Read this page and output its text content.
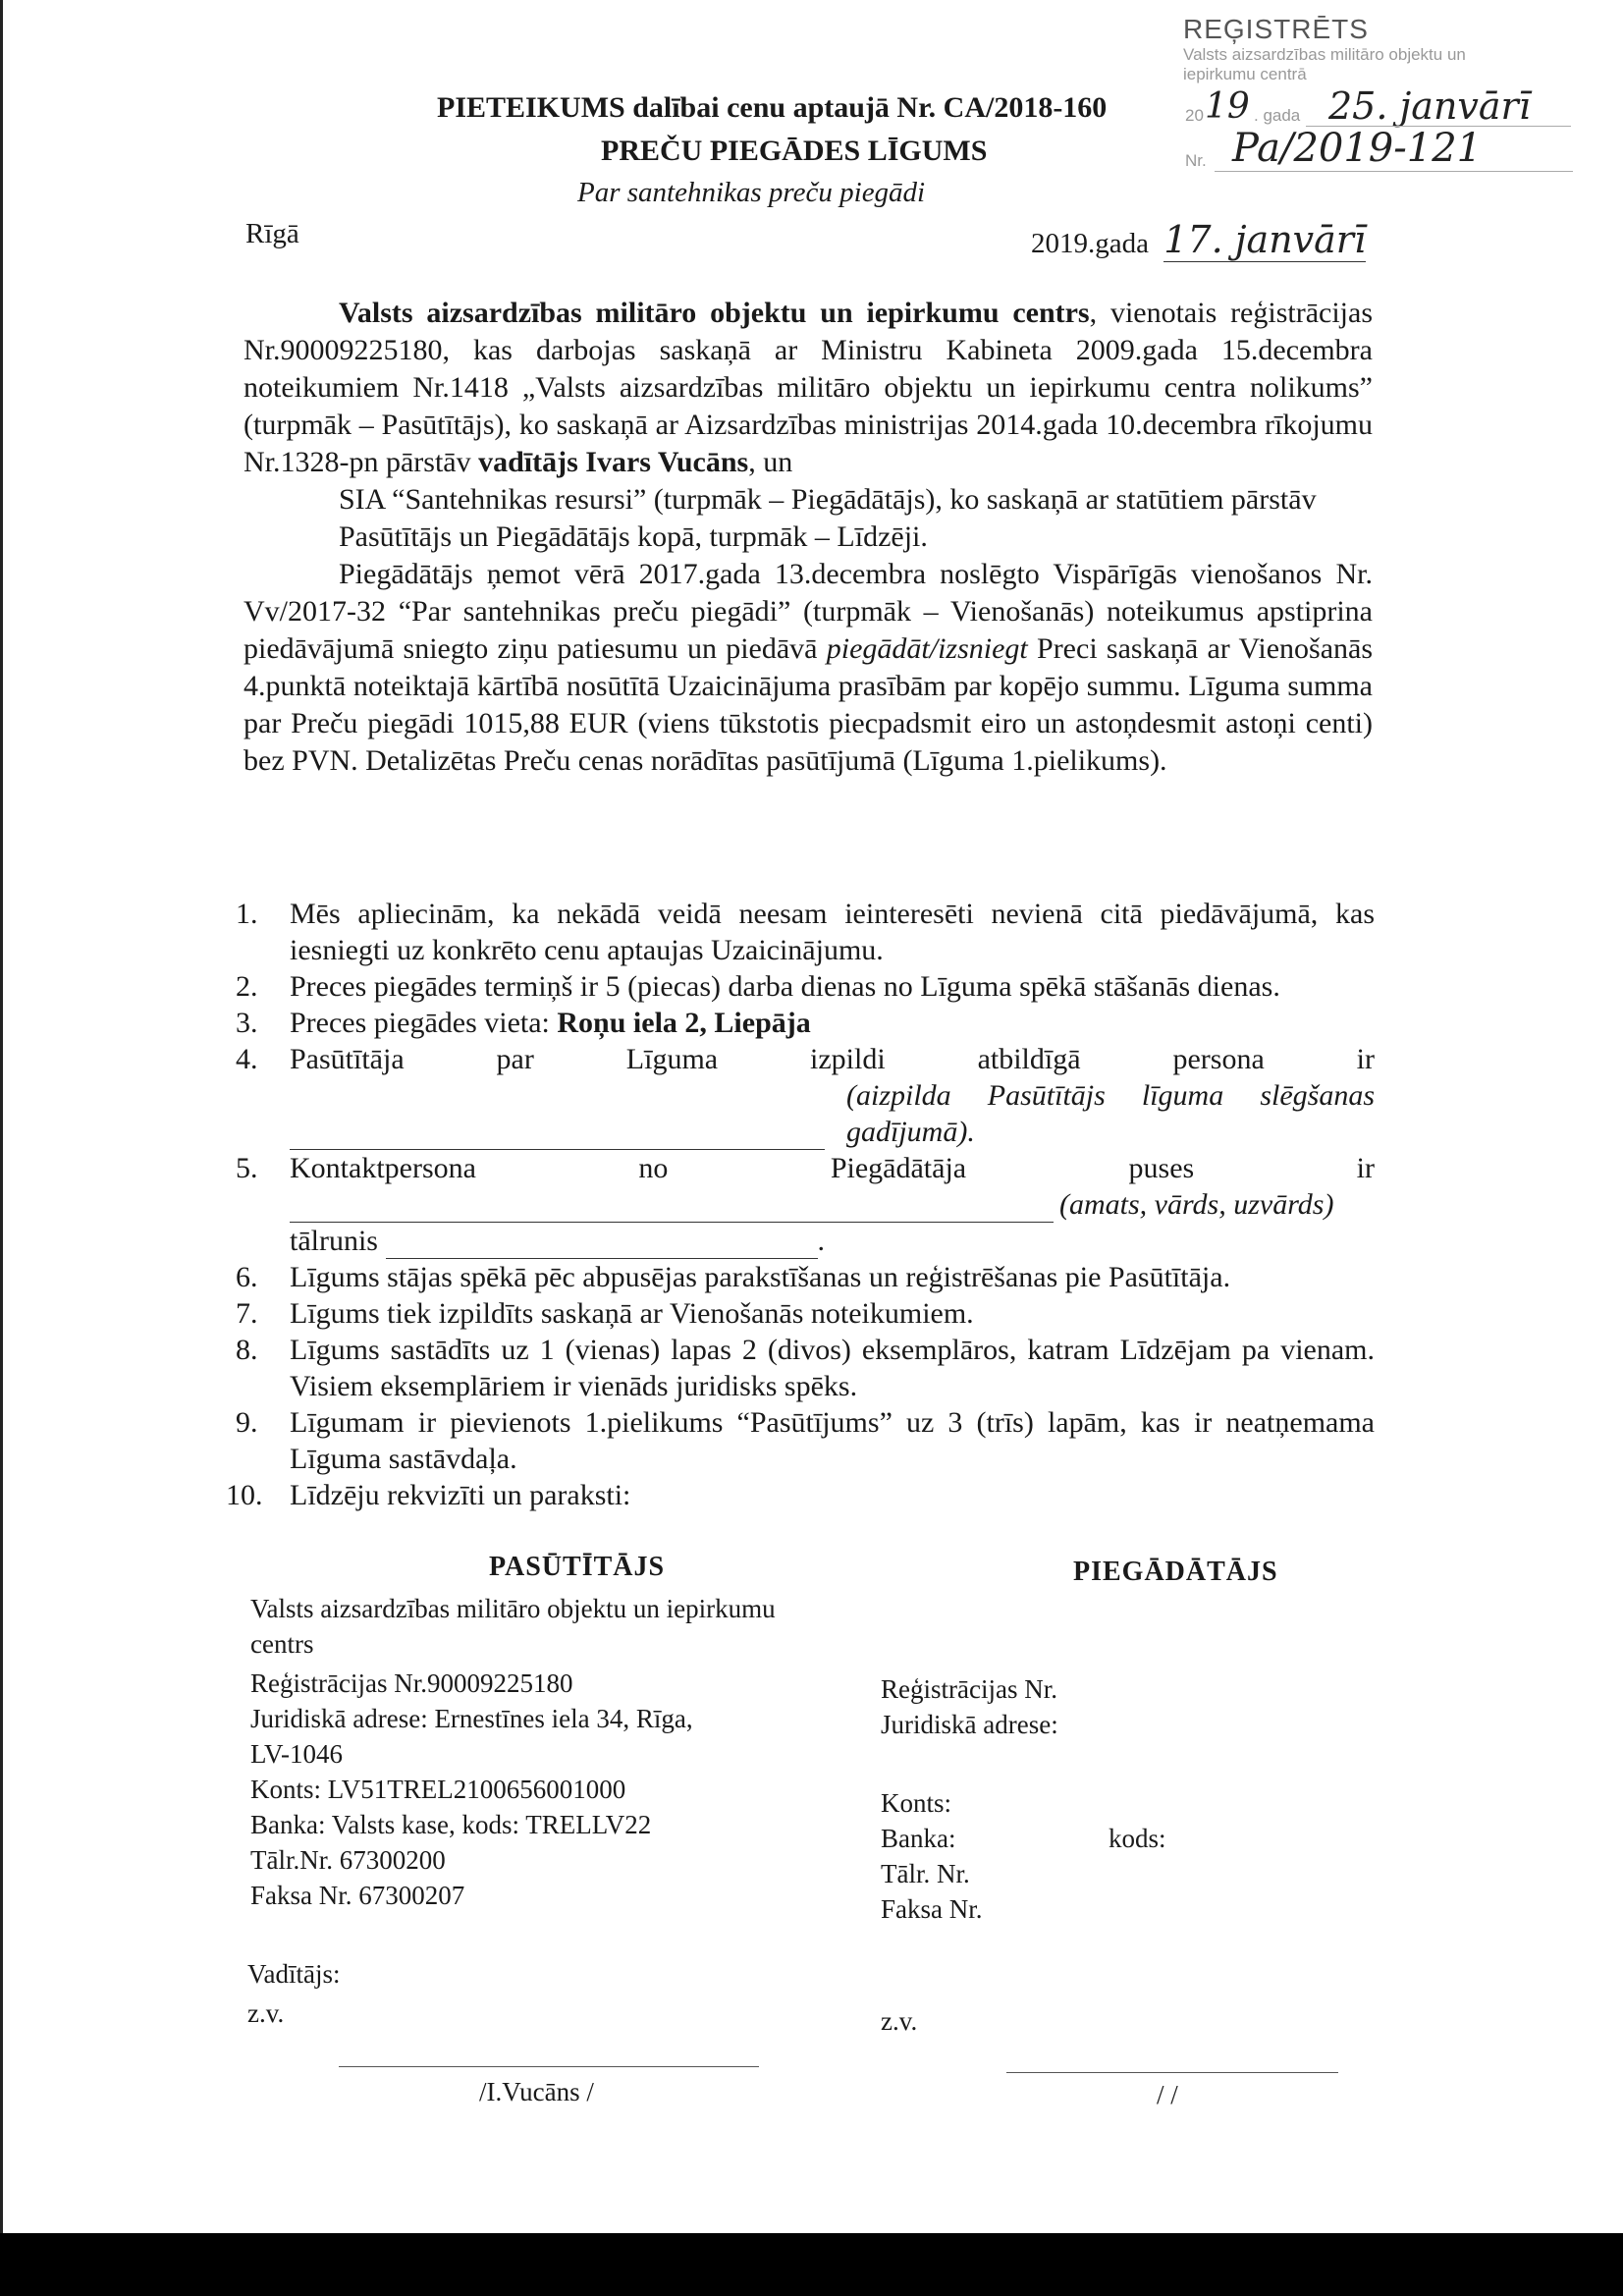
REĢISTRĒTS
Valsts aizsardzības militāro objektu un
iepirkumu centrā
20 19 . gada 25. janvārī
Nr. Pa/2019-121
PIETEIKUMS dalībai cenu aptaujā Nr. CA/2018-160
PREČU PIEGĀDES LĪGUMS
Par santehnikas preču piegādi
Rīgā	2019.gada 17. janvārī
Valsts aizsardzības militāro objektu un iepirkumu centrs, vienotais reģistrācijas Nr.90009225180, kas darbojas saskaņā ar Ministru Kabineta 2009.gada 15.decembra noteikumiem Nr.1418 „Valsts aizsardzības militāro objektu un iepirkumu centra nolikums” (turpmāk – Pasūtītājs), ko saskaņā ar Aizsardzības ministrijas 2014.gada 10.decembra rīkojumu Nr.1328-pn pārstāv vadītājs Ivars Vucāns, un
SIA “Santehnikas resursi” (turpmāk – Piegādātājs), ko saskaņā ar statūtiem pārstāv
Pasūtītājs un Piegādātājs kopā, turpmāk – Līdzēji.
Piegādātājs ņemot vērā 2017.gada 13.decembra noslēgto Vispārīgās vienošanos Nr. Vv/2017-32 “Par santehnikas preču piegādi” (turpmāk – Vienošanās) noteikumus apstiprina piedāvājumā sniegto ziņu patiesumu un piedāvā piegādāt/izsniegt Preci saskaņā ar Vienošanās 4.punktā noteiktajā kārtībā nosūtītā Uzaicinājuma prasībām par kopējo summu. Līguma summa par Preču piegādi 1015,88 EUR (viens tūkstotis piecpadsmit eiro un astoņdesmit astoņi centi) bez PVN. Detalizētas Preču cenas norādītas pasūtījumā (Līguma 1.pielikums).
1. Mēs apliecinām, ka nekādā veidā neesam ieinteresēti nevienā citā piedāvājumā, kas iesniegti uz konkrēto cenu aptaujas Uzaicinājumu.
2. Preces piegādes termiņš ir 5 (piecas) darba dienas no Līguma spēkā stāšanās dienas.
3. Preces piegādes vieta: Roņu iela 2, Liepāja
4. Pasūtītāja par Līguma izpildi atbildīgā persona ir
(aizpilda Pasūtītājs līguma slēgšanas gadījumā).
5. Kontaktpersona no Piegādātāja puses ir
(amats, vārds, uzvārds)
tālrunis	.
6. Līgums stājas spēkā pēc abpusējas parakstīšanas un reģistrēšanas pie Pasūtītāja.
7. Līgums tiek izpildīts saskaņā ar Vienošanās noteikumiem.
8. Līgums sastādīts uz 1 (vienas) lapas 2 (divos) eksemplāros, katram Līdzējam pa vienam. Visiem eksemplāriem ir vienāds juridisks spēks.
9. Līgumam ir pievienots 1.pielikums “Pasūtījums” uz 3 (trīs) lapām, kas ir neatņemama Līguma sastāvdaļa.
10. Līdzēju rekvizīti un paraksti:
PASŪTĪTĀJS
Valsts aizsardzības militāro objektu un iepirkumu
centrs
Reģistrācijas Nr.90009225180
Juridiskā adrese: Ernestīnes iela 34, Rīga,
LV-1046
Konts: LV51TREL2100656001000
Banka: Valsts kase, kods: TRELLV22
Tālr.Nr. 67300200
Faksa Nr. 67300207
Vadītājs:
z.v.
/I.Vucāns /
PIEGĀDĀTĀJS
Reģistrācijas Nr.
Juridiskā adrese:
Konts:
Banka:	kods:
Tālr. Nr.
Faksa Nr.
z.v.
/ /
